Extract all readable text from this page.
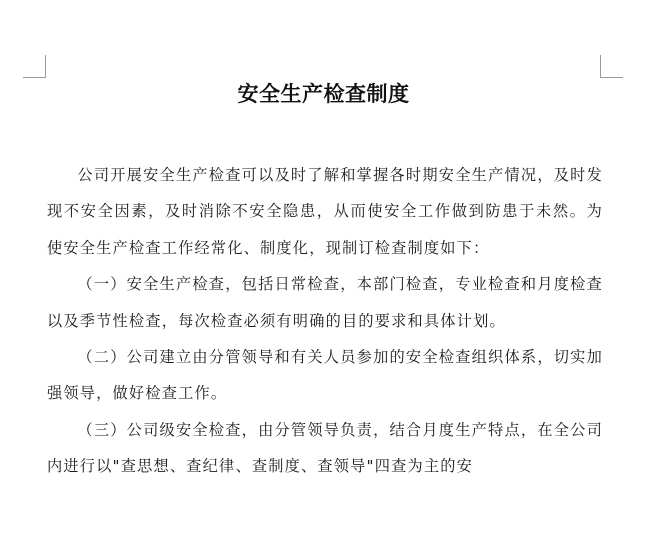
安全生产检查制度

公司开展安全生产检查可以及时了解和掌握各时期安全生产情况，及时发现不安全因素，及时消除不安全隐患，从而使安全工作做到防患于未然。为使安全生产检查工作经常化、制度化，现制订检查制度如下：

（一）安全生产检查，包括日常检查，本部门检查，专业检查和月度检查以及季节性检查，每次检查必须有明确的目的要求和具体计划。

（二）公司建立由分管领导和有关人员参加的安全检查组织体系，切实加强领导，做好检查工作。

（三）公司级安全检查，由分管领导负责，结合月度生产特点，在全公司内进行以"查思想、查纪律、查制度、查领导"四查为主的安
